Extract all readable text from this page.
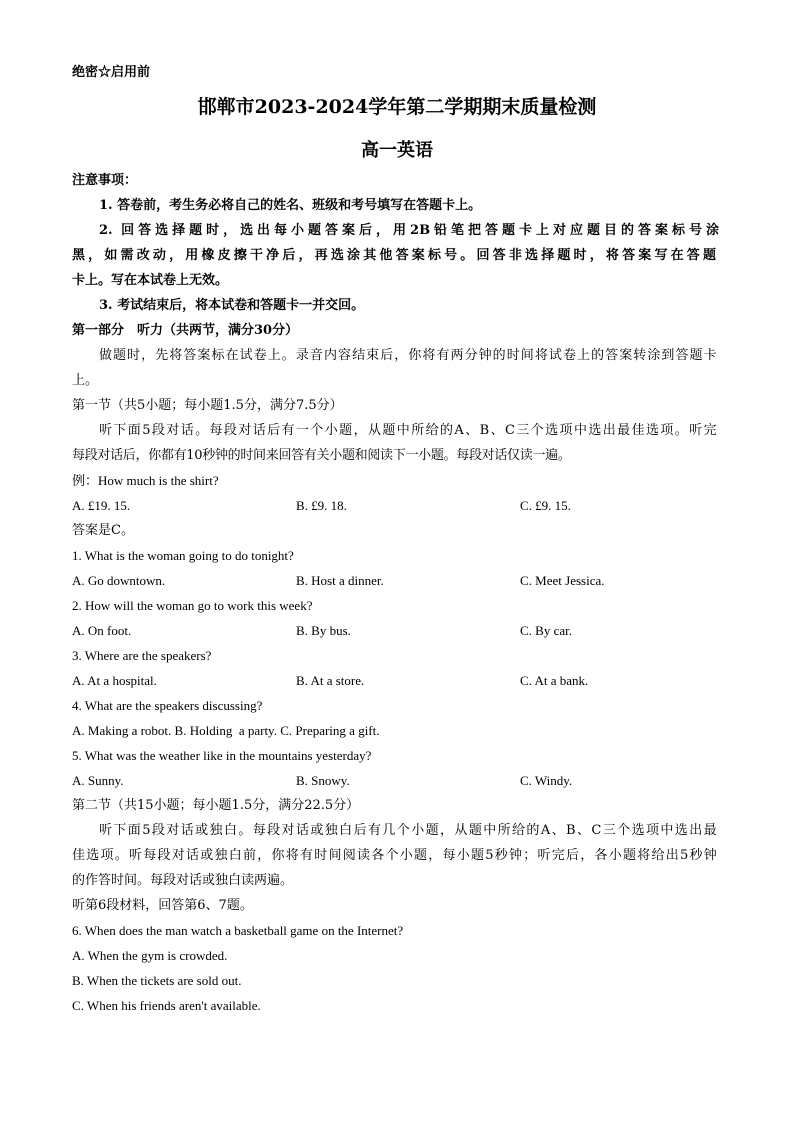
绝密☆启用前
邯郸市2023-2024学年第二学期期末质量检测
高一英语
注意事项：
1. 答卷前，考生务必将自己的姓名、班级和考号填写在答题卡上。
2. 回答选择题时，选出每小题答案后，用2B铅笔把答题卡上对应题目的答案标号涂
黑，如需改动，用橡皮擦干净后，再选涂其他答案标号。回答非选择题时，将答案写在答题
卡上。写在本试卷上无效。
3. 考试结束后，将本试卷和答题卡一并交回。
第一部分　听力（共两节，满分30分）
做题时，先将答案标在试卷上。录音内容结束后，你将有两分钟的时间将试卷上的答案转涂到答题卡
上。
第一节（共5小题；每小题1.5分，满分7.5分）
听下面5段对话。每段对话后有一个小题，从题中所给的A、B、C三个选项中选出最佳选项。听完
每段对话后，你都有10秒钟的时间来回答有关小题和阅读下一小题。每段对话仅读一遍。
例：How much is the shirt?
A. £19. 15.	B. £9. 18.	C. £9. 15.
答案是C。
1. What is the woman going to do tonight?
A. Go downtown.	B. Host a dinner.	C. Meet Jessica.
2. How will the woman go to work this week?
A. On foot.	B. By bus.	C. By car.
3. Where are the speakers?
A. At a hospital.	B. At a store.	C. At a bank.
4. What are the speakers discussing?
A. Making a robot. B. Holding  a party. C. Preparing a gift.
5. What was the weather like in the mountains yesterday?
A. Sunny.	B. Snowy.	C. Windy.
第二节（共15小题；每小题1.5分，满分22.5分）
听下面5段对话或独白。每段对话或独白后有几个小题，从题中所给的A、B、C三个选项中选出最
佳选项。听每段对话或独白前，你将有时间阅读各个小题，每小题5秒钟；听完后，各小题将给出5秒钟
的作答时间。每段对话或独白读两遍。
听第6段材料，回答第6、7题。
6. When does the man watch a basketball game on the Internet?
A. When the gym is crowded.
B. When the tickets are sold out.
C. When his friends aren't available.
